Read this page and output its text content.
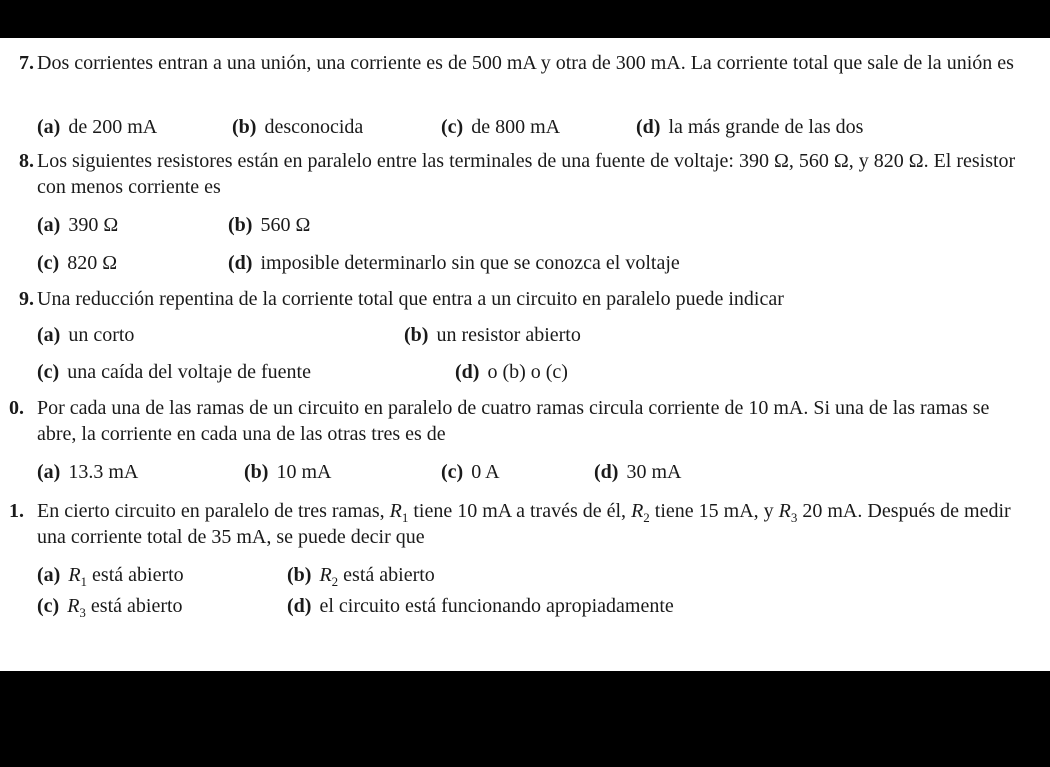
7. Dos corrientes entran a una unión, una corriente es de 500 mA y otra de 300 mA. La corriente total que sale de la unión es
(a) de 200 mA	(b) desconocida	(c) de 800 mA	(d) la más grande de las dos
8. Los siguientes resistores están en paralelo entre las terminales de una fuente de voltaje: 390 Ω, 560 Ω, y 820 Ω. El resistor con menos corriente es
(a) 390 Ω	(b) 560 Ω
(c) 820 Ω	(d) imposible determinarlo sin que se conozca el voltaje
9. Una reducción repentina de la corriente total que entra a un circuito en paralelo puede indicar
(a) un corto	(b) un resistor abierto
(c) una caída del voltaje de fuente	(d) o (b) o (c)
0. Por cada una de las ramas de un circuito en paralelo de cuatro ramas circula corriente de 10 mA. Si una de las ramas se abre, la corriente en cada una de las otras tres es de
(a) 13.3 mA	(b) 10 mA	(c) 0 A	(d) 30 mA
1. En cierto circuito en paralelo de tres ramas, $R_1$ tiene 10 mA a través de él, $R_2$ tiene 15 mA, y $R_3$ 20 mA. Después de medir una corriente total de 35 mA, se puede decir que
(a) $R_1$ está abierto	(b) $R_2$ está abierto
(c) $R_3$ está abierto	(d) el circuito está funcionando apropiadamente
